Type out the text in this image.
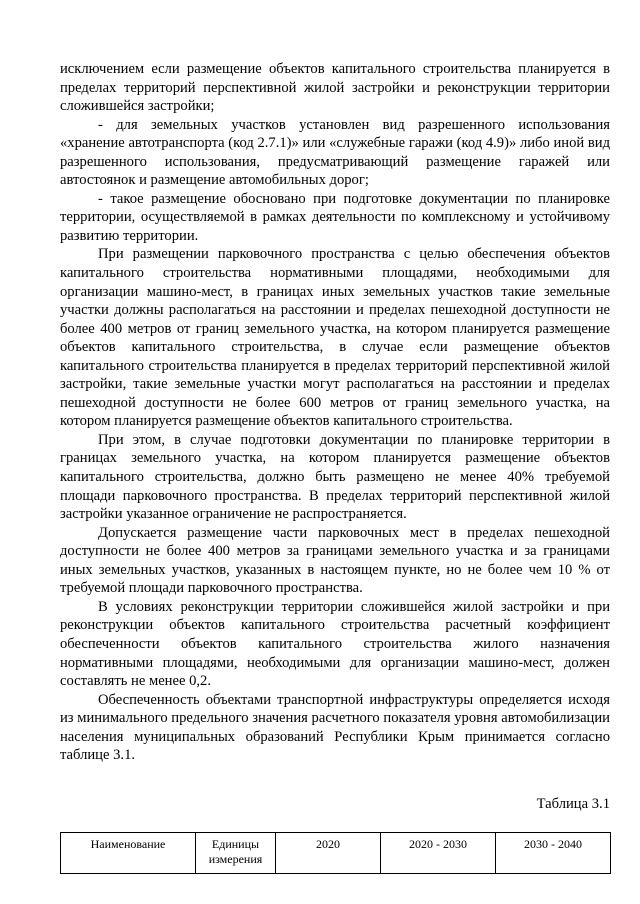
исключением если размещение объектов капитального строительства планируется в пределах территорий перспективной жилой застройки и реконструкции территории сложившейся застройки;

- для земельных участков установлен вид разрешенного использования «хранение автотранспорта (код 2.7.1)» или «служебные гаражи (код 4.9)» либо иной вид разрешенного использования, предусматривающий размещение гаражей или автостоянок и размещение автомобильных дорог;

- такое размещение обосновано при подготовке документации по планировке территории, осуществляемой в рамках деятельности по комплексному и устойчивому развитию территории.

При размещении парковочного пространства с целью обеспечения объектов капитального строительства нормативными площадями, необходимыми для организации машино-мест, в границах иных земельных участков такие земельные участки должны располагаться на расстоянии и пределах пешеходной доступности не более 400 метров от границ земельного участка, на котором планируется размещение объектов капитального строительства, в случае если размещение объектов капитального строительства планируется в пределах территорий перспективной жилой застройки, такие земельные участки могут располагаться на расстоянии и пределах пешеходной доступности не более 600 метров от границ земельного участка, на котором планируется размещение объектов капитального строительства.

При этом, в случае подготовки документации по планировке территории в границах земельного участка, на котором планируется размещение объектов капитального строительства, должно быть размещено не менее 40% требуемой площади парковочного пространства. В пределах территорий перспективной жилой застройки указанное ограничение не распространяется.

Допускается размещение части парковочных мест в пределах пешеходной доступности не более 400 метров за границами земельного участка и за границами иных земельных участков, указанных в настоящем пункте, но не более чем 10 % от требуемой площади парковочного пространства.

В условиях реконструкции территории сложившейся жилой застройки и при реконструкции объектов капитального строительства расчетный коэффициент обеспеченности объектов капитального строительства жилого назначения нормативными площадями, необходимыми для организации машино-мест, должен составлять не менее 0,2.

Обеспеченность объектами транспортной инфраструктуры определяется исходя из минимального предельного значения расчетного показателя уровня автомобилизации населения муниципальных образований Республики Крым принимается согласно таблице 3.1.

Таблица 3.1
Наименование	Единицы измерения	2020	2020 - 2030	2030 - 2040
